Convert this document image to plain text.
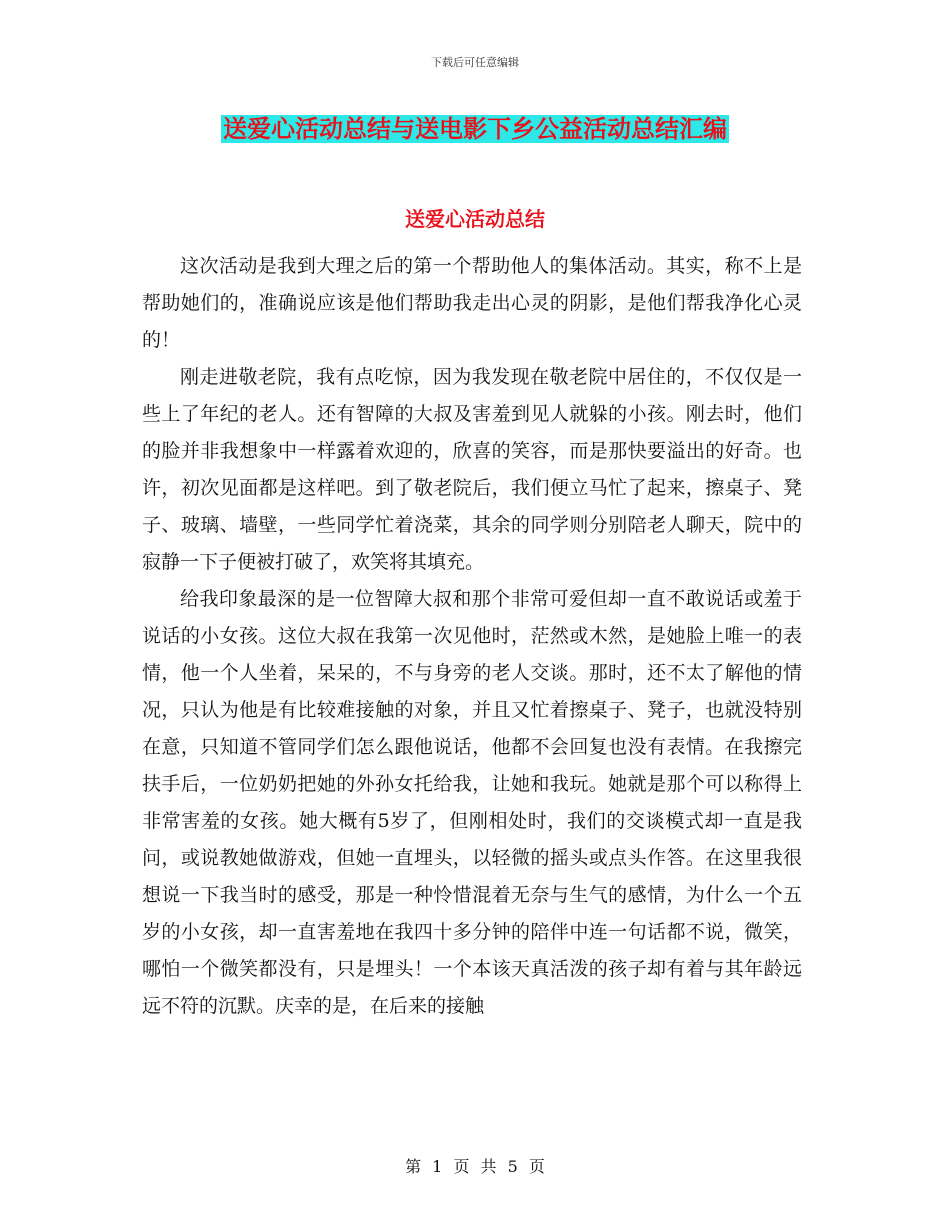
下载后可任意编辑
送爱心活动总结与送电影下乡公益活动总结汇编
送爱心活动总结

这次活动是我到大理之后的第一个帮助他人的集体活动。其实，称不上是帮助她们的，准确说应该是他们帮助我走出心灵的阴影，是他们帮我净化心灵的！

刚走进敬老院，我有点吃惊，因为我发现在敬老院中居住的，不仅仅是一些上了年纪的老人。还有智障的大叔及害羞到见人就躲的小孩。刚去时，他们的脸并非我想象中一样露着欢迎的，欣喜的笑容，而是那快要溢出的好奇。也许，初次见面都是这样吧。到了敬老院后，我们便立马忙了起来，擦桌子、凳子、玻璃、墙壁，一些同学忙着浇菜，其余的同学则分别陪老人聊天，院中的寂静一下子便被打破了，欢笑将其填充。

给我印象最深的是一位智障大叔和那个非常可爱但却一直不敢说话或羞于说话的小女孩。这位大叔在我第一次见他时，茫然或木然，是她脸上唯一的表情，他一个人坐着，呆呆的，不与身旁的老人交谈。那时，还不太了解他的情况，只认为他是有比较难接触的对象，并且又忙着擦桌子、凳子，也就没特别在意，只知道不管同学们怎么跟他说话，他都不会回复也没有表情。在我擦完扶手后，一位奶奶把她的外孙女托给我，让她和我玩。她就是那个可以称得上非常害羞的女孩。她大概有5岁了，但刚相处时，我们的交谈模式却一直是我问，或说教她做游戏，但她一直埋头，以轻微的摇头或点头作答。在这里我很想说一下我当时的感受，那是一种怜惜混着无奈与生气的感情，为什么一个五岁的小女孩，却一直害羞地在我四十多分钟的陪伴中连一句话都不说，微笑，哪怕一个微笑都没有，只是埋头！一个本该天真活泼的孩子却有着与其年龄远远不符的沉默。庆幸的是，在后来的接触

第 1 页 共 5 页
